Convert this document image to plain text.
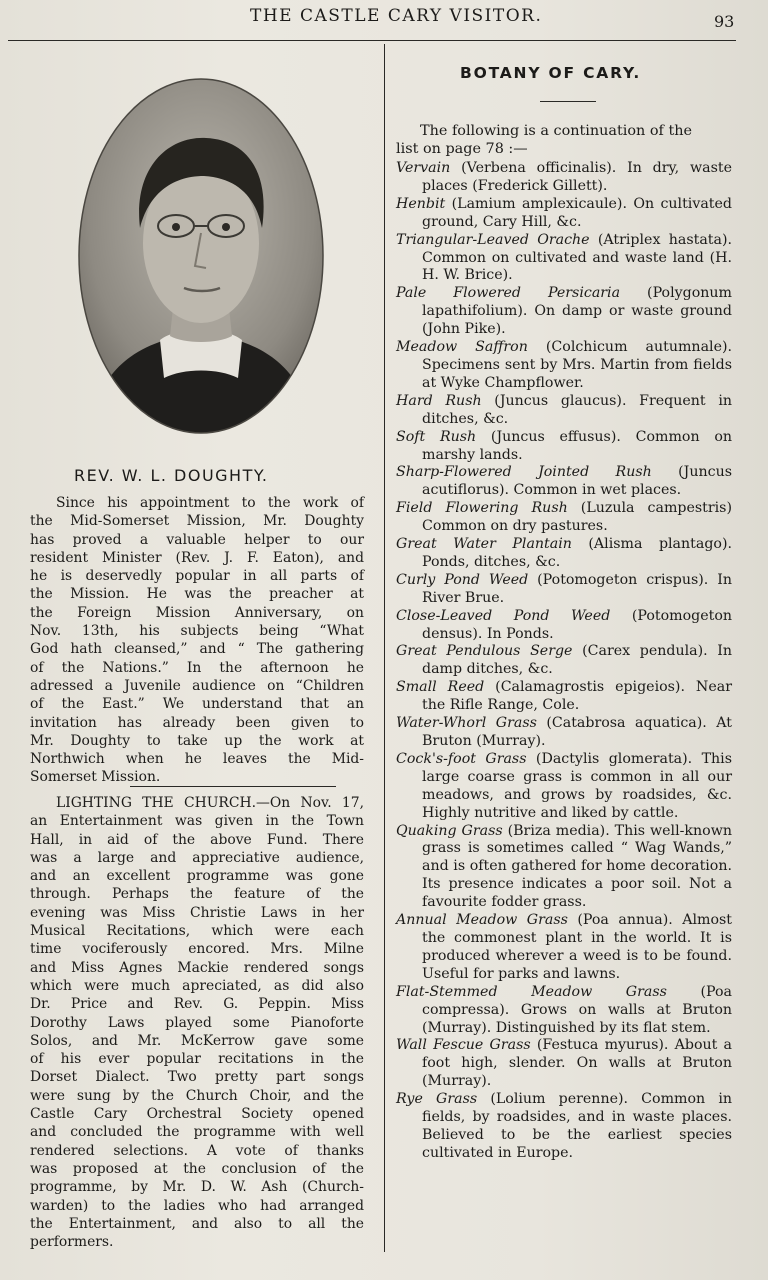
THE CASTLE CARY VISITOR.	93
REV. W. L. DOUGHTY.

Since his appointment to the work of
the Mid-Somerset Mission, Mr. Doughty
has proved a valuable helper to our
resident Minister (Rev. J. F. Eaton), and
he is deservedly popular in all parts of
the Mission. He was the preacher at
the Foreign Mission Anniversary, on
Nov. 13th, his subjects being “What
God hath cleansed,” and “ The gathering
of the Nations.” In the afternoon he
adressed a Juvenile audience on “Children
of the East.” We understand that an
invitation has already been given to
Mr. Doughty to take up the work at
Northwich when he leaves the Mid-
Somerset Mission.

LIGHTING THE CHURCH.—On Nov. 17,
an Entertainment was given in the Town
Hall, in aid of the above Fund. There
was a large and appreciative audience,
and an excellent programme was gone
through. Perhaps the feature of the
evening was Miss Christie Laws in her
Musical Recitations, which were each
time vociferously encored. Mrs. Milne
and Miss Agnes Mackie rendered songs
which were much apreciated, as did also
Dr. Price and Rev. G. Peppin. Miss
Dorothy Laws played some Pianoforte
Solos, and Mr. McKerrow gave some
of his ever popular recitations in the
Dorset Dialect. Two pretty part songs
were sung by the Church Choir, and the
Castle Cary Orchestral Society opened
and concluded the programme with well
rendered selections. A vote of thanks
was proposed at the conclusion of the
programme, by Mr. D. W. Ash (Church-
warden) to the ladies who had arranged
the Entertainment, and also to all the
performers.

BOTANY OF CARY.

The following is a continuation of the
list on page 78 :—

Vervain (Verbena officinalis). In dry, waste places (Frederick Gillett).
Henbit (Lamium amplexicaule). On cultivated ground, Cary Hill, &c.
Triangular-Leaved Orache (Atriplex hastata). Common on cultivated and waste land (H. H. W. Brice).
Pale Flowered Persicaria (Polygonum lapathifolium). On damp or waste ground (John Pike).
Meadow Saffron (Colchicum autumnale). Specimens sent by Mrs. Martin from fields at Wyke Champflower.
Hard Rush (Juncus glaucus). Frequent in ditches, &c.
Soft Rush (Juncus effusus). Common on marshy lands.
Sharp-Flowered Jointed Rush (Juncus acutiflorus). Common in wet places.
Field Flowering Rush (Luzula campestris) Common on dry pastures.
Great Water Plantain (Alisma plantago). Ponds, ditches, &c.
Curly Pond Weed (Potomogeton crispus). In River Brue.
Close-Leaved Pond Weed (Potomogeton densus). In Ponds.
Great Pendulous Serge (Carex pendula). In damp ditches, &c.
Small Reed (Calamagrostis epigeios). Near the Rifle Range, Cole.
Water-Whorl Grass (Catabrosa aquatica). At Bruton (Murray).
Cock's-foot Grass (Dactylis glomerata). This large coarse grass is common in all our meadows, and grows by roadsides, &c. Highly nutritive and liked by cattle.
Quaking Grass (Briza media). This well-known grass is sometimes called “ Wag Wands,” and is often gathered for home decoration. Its presence indicates a poor soil. Not a favourite fodder grass.
Annual Meadow Grass (Poa annua). Almost the commonest plant in the world. It is produced wherever a weed is to be found. Useful for parks and lawns.
Flat-Stemmed Meadow Grass (Poa compressa). Grows on walls at Bruton (Murray). Distinguished by its flat stem.
Wall Fescue Grass (Festuca myurus). About a foot high, slender. On walls at Bruton (Murray).
Rye Grass (Lolium perenne). Common in fields, by roadsides, and in waste places. Believed to be the earliest species cultivated in Europe.
